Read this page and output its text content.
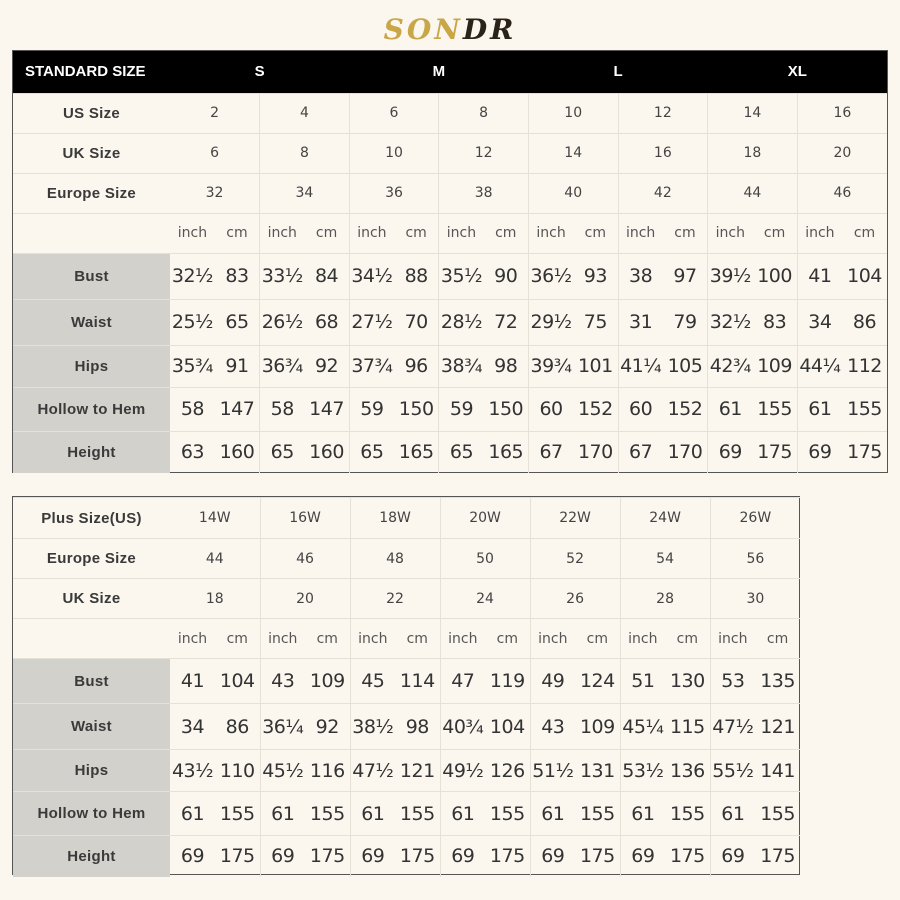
SONDR
STANDARD SIZE	S				M				L				XL			
US Size	2		4		6		8		10		12		14		16	
UK Size	6		8		10		12		14		16		18		20	
Europe Size	32		34		36		38		40		42		44		46	
	inch	cm	inch	cm	inch	cm	inch	cm	inch	cm	inch	cm	inch	cm	inch	cm
Bust	32½	83	33½	84	34½	88	35½	90	36½	93	38	97	39½	100	41	104
Waist	25½	65	26½	68	27½	70	28½	72	29½	75	31	79	32½	83	34	86
Hips	35¾	91	36¾	92	37¾	96	38¾	98	39¾	101	41¼	105	42¾	109	44¼	112
Hollow to Hem	58	147	58	147	59	150	59	150	60	152	60	152	61	155	61	155
Height	63	160	65	160	65	165	65	165	67	170	67	170	69	175	69	175
Plus Size(US)	14W		16W		18W		20W		22W		24W		26W	
Europe Size	44		46		48		50		52		54		56	
UK Size	18		20		22		24		26		28		30	
	inch	cm	inch	cm	inch	cm	inch	cm	inch	cm	inch	cm	inch	cm
Bust	41	104	43	109	45	114	47	119	49	124	51	130	53	135
Waist	34	86	36¼	92	38½	98	40¾	104	43	109	45¼	115	47½	121
Hips	43½	110	45½	116	47½	121	49½	126	51½	131	53½	136	55½	141
Hollow to Hem	61	155	61	155	61	155	61	155	61	155	61	155	61	155
Height	69	175	69	175	69	175	69	175	69	175	69	175	69	175
